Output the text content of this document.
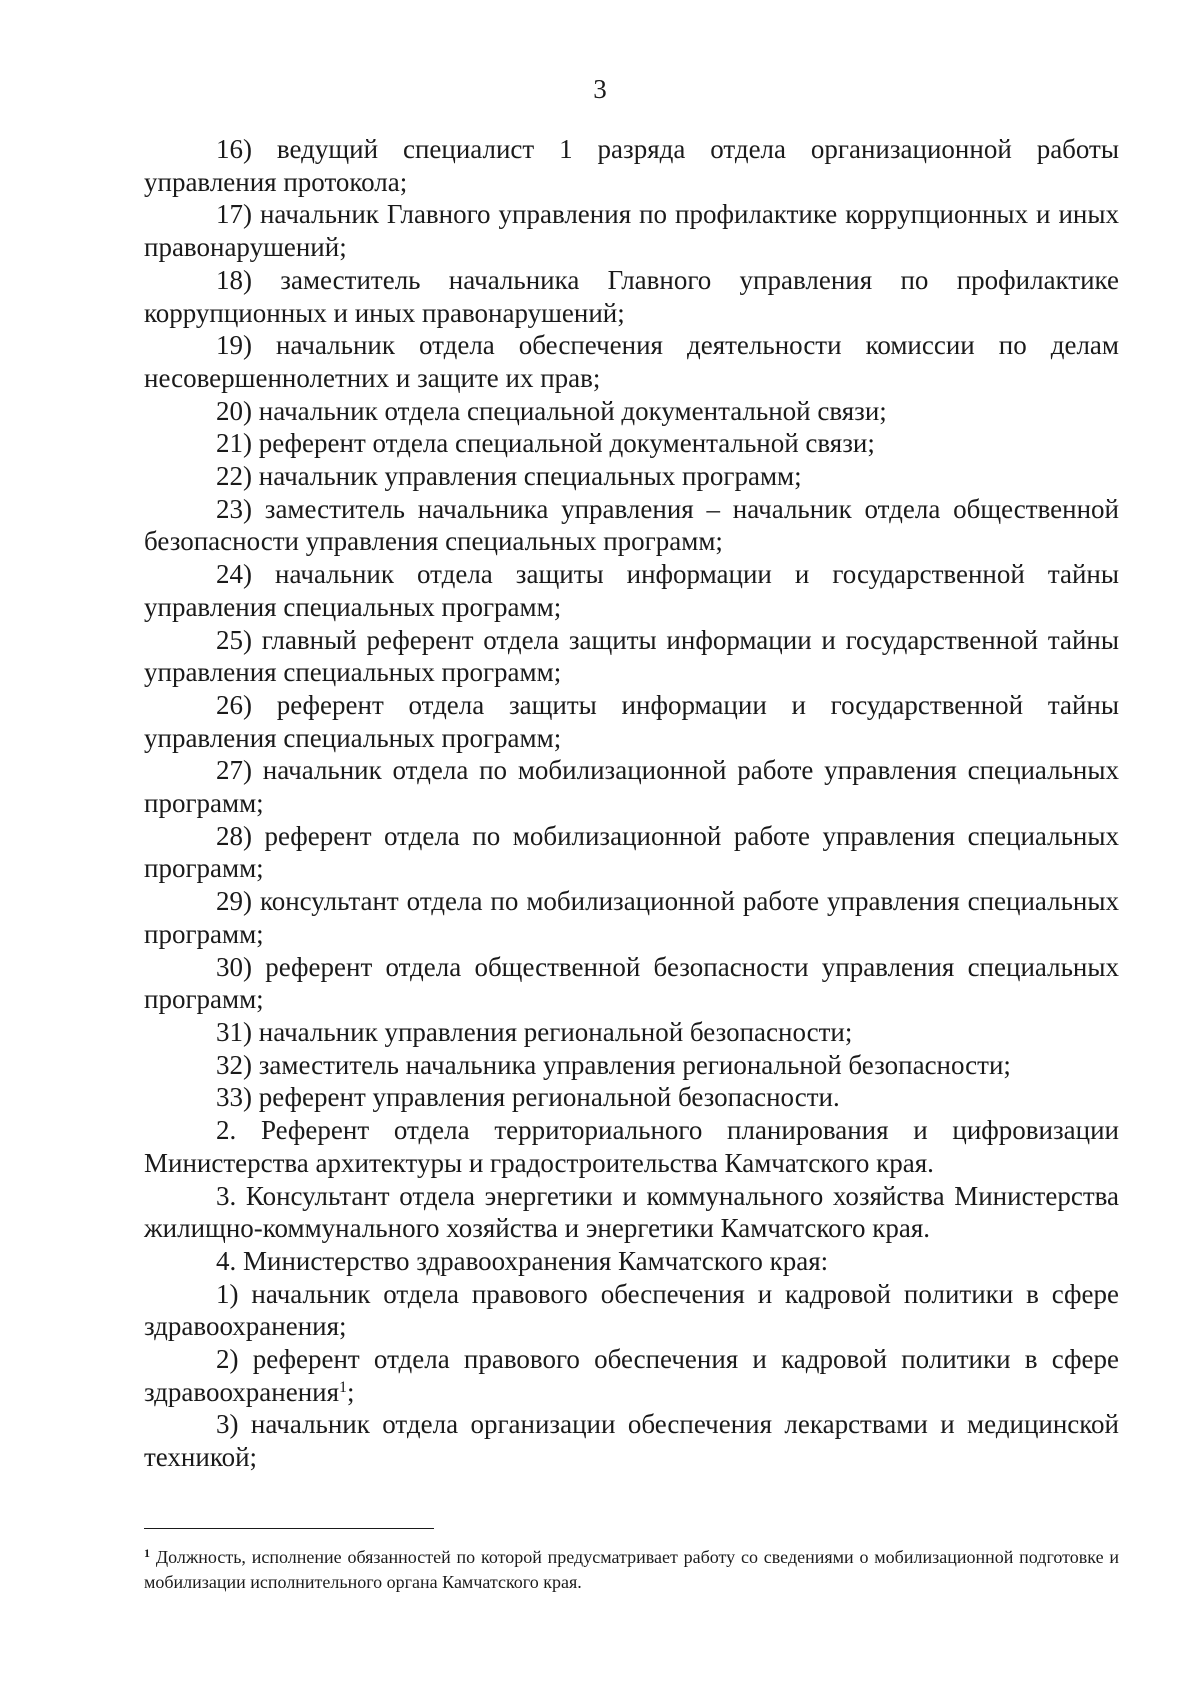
3

16) ведущий специалист 1 разряда отдела организационной работы управления протокола;

17) начальник Главного управления по профилактике коррупционных и иных правонарушений;

18) заместитель начальника Главного управления по профилактике коррупционных и иных правонарушений;

19) начальник отдела обеспечения деятельности комиссии по делам несовершеннолетних и защите их прав;

20) начальник отдела специальной документальной связи;

21) референт отдела специальной документальной связи;

22) начальник управления специальных программ;

23) заместитель начальника управления – начальник отдела общественной безопасности управления специальных программ;

24) начальник отдела защиты информации и государственной тайны управления специальных программ;

25) главный референт отдела защиты информации и государственной тайны управления специальных программ;

26) референт отдела защиты информации и государственной тайны управления специальных программ;

27) начальник отдела по мобилизационной работе управления специальных программ;

28) референт отдела по мобилизационной работе управления специальных программ;

29) консультант отдела по мобилизационной работе управления специальных программ;

30) референт отдела общественной безопасности управления специальных программ;

31) начальник управления региональной безопасности;

32) заместитель начальника управления региональной безопасности;

33) референт управления региональной безопасности.

2. Референт отдела территориального планирования и цифровизации Министерства архитектуры и градостроительства Камчатского края.

3. Консультант отдела энергетики и коммунального хозяйства Министерства жилищно-коммунального хозяйства и энергетики Камчатского края.

4. Министерство здравоохранения Камчатского края:

1) начальник отдела правового обеспечения и кадровой политики в сфере здравоохранения;

2) референт отдела правового обеспечения и кадровой политики в сфере здравоохранения$^1$;

3) начальник отдела организации обеспечения лекарствами и медицинской техникой;

$^1$ Должность, исполнение обязанностей по которой предусматривает работу со сведениями о мобилизационной подготовке и мобилизации исполнительного органа Камчатского края.
